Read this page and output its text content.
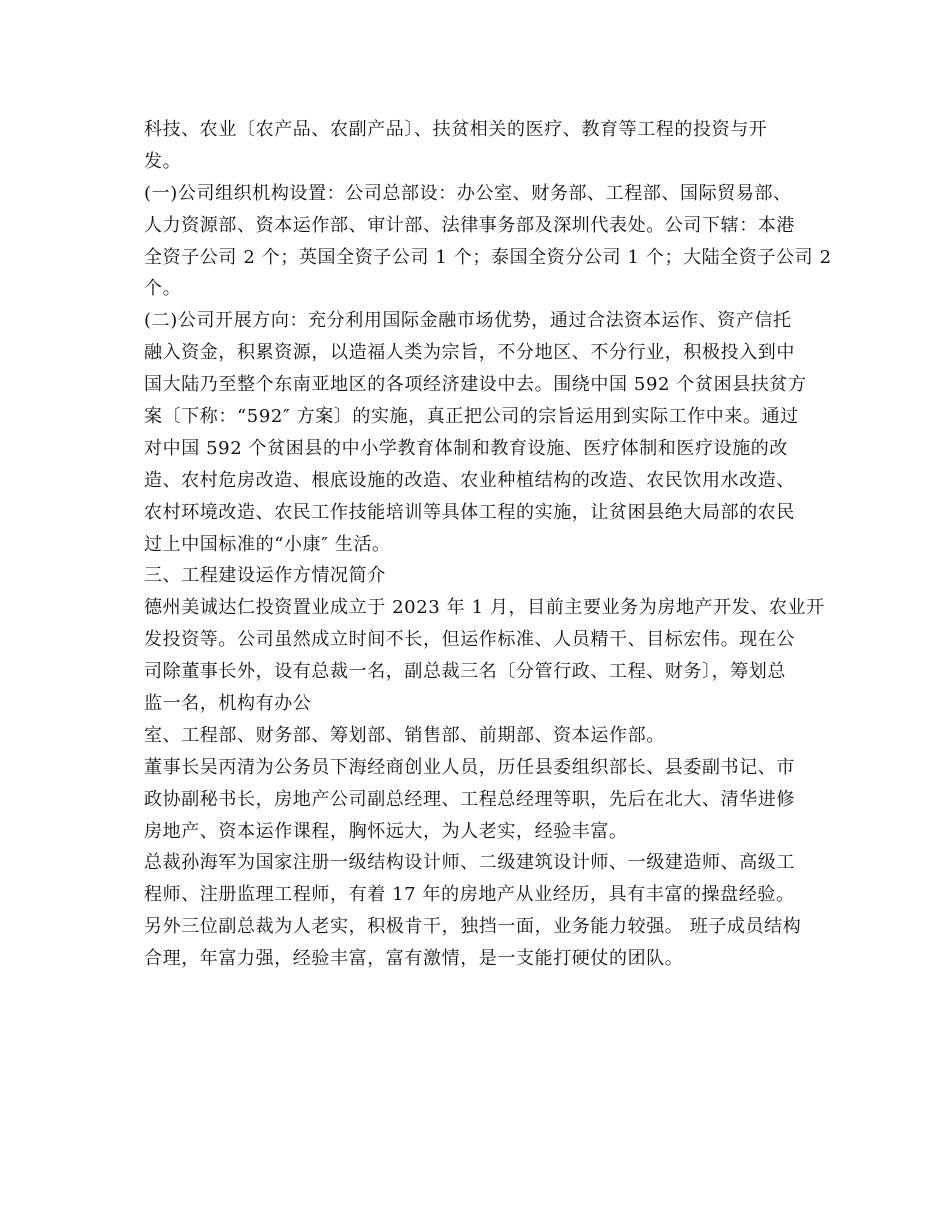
科技、农业〔农产品、农副产品〕、扶贫相关的医疗、教育等工程的投资与开
发。
(一)公司组织机构设置：公司总部设：办公室、财务部、工程部、国际贸易部、
人力资源部、资本运作部、审计部、法律事务部及深圳代表处。公司下辖：本港
全资子公司 2 个；英国全资子公司 1 个；泰国全资分公司 1 个；大陆全资子公司 2
个。
(二)公司开展方向：充分利用国际金融市场优势，通过合法资本运作、资产信托
融入资金，积累资源，以造福人类为宗旨，不分地区、不分行业，积极投入到中
国大陆乃至整个东南亚地区的各项经济建设中去。围绕中国 592 个贫困县扶贫方
案〔下称：“592″ 方案〕的实施，真正把公司的宗旨运用到实际工作中来。通过
对中国 592 个贫困县的中小学教育体制和教育设施、医疗体制和医疗设施的改
造、农村危房改造、根底设施的改造、农业种植结构的改造、农民饮用水改造、
农村环境改造、农民工作技能培训等具体工程的实施，让贫困县绝大局部的农民
过上中国标准的“小康″ 生活。
三、工程建设运作方情况简介
德州美诚达仁投资置业成立于 2023 年 1 月，目前主要业务为房地产开发、农业开
发投资等。公司虽然成立时间不长，但运作标准、人员精干、目标宏伟。现在公
司除董事长外，设有总裁一名，副总裁三名〔分管行政、工程、财务〕，筹划总
监一名，机构有办公
室、工程部、财务部、筹划部、销售部、前期部、资本运作部。
董事长吴丙清为公务员下海经商创业人员，历任县委组织部长、县委副书记、市
政协副秘书长，房地产公司副总经理、工程总经理等职，先后在北大、清华进修
房地产、资本运作课程，胸怀远大，为人老实，经验丰富。
总裁孙海军为国家注册一级结构设计师、二级建筑设计师、一级建造师、高级工
程师、注册监理工程师，有着 17 年的房地产从业经历，具有丰富的操盘经验。
另外三位副总裁为人老实，积极肯干，独挡一面，业务能力较强。 班子成员结构
合理，年富力强，经验丰富，富有激情，是一支能打硬仗的团队。
